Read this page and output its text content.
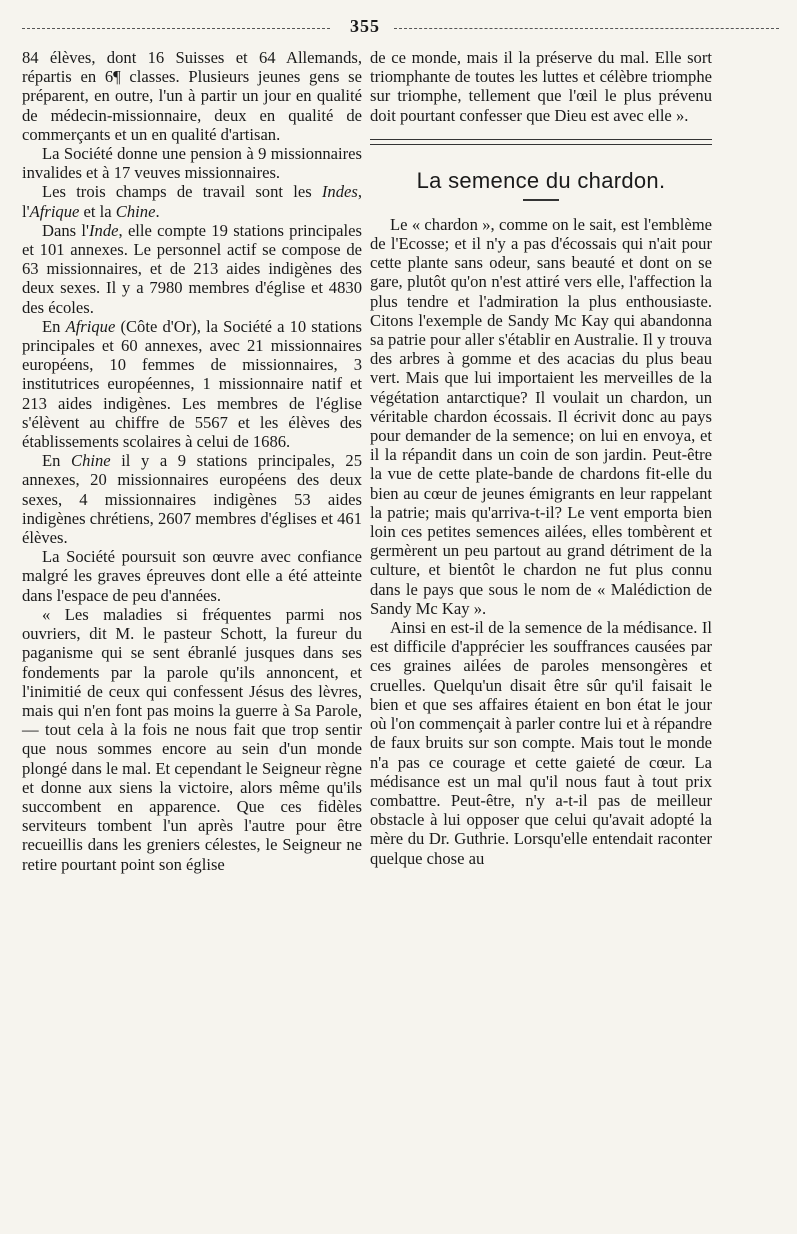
355

84 élèves, dont 16 Suisses et 64 Allemands, répartis en 6¶ classes. Plusieurs jeunes gens se préparent, en outre, l'un à partir un jour en qualité de médecin-missionnaire, deux en qualité de commerçants et un en qualité d'artisan.

La Société donne une pension à 9 missionnaires invalides et à 17 veuves missionnaires.

Les trois champs de travail sont les Indes, l'Afrique et la Chine.

Dans l'Inde, elle compte 19 stations principales et 101 annexes. Le personnel actif se compose de 63 missionnaires, et de 213 aides indigènes des deux sexes. Il y a 7980 membres d'église et 4830 des écoles.

En Afrique (Côte d'Or), la Société a 10 stations principales et 60 annexes, avec 21 missionnaires européens, 10 femmes de missionnaires, 3 institutrices européennes, 1 missionnaire natif et 213 aides indigènes. Les membres de l'église s'élèvent au chiffre de 5567 et les élèves des établissements scolaires à celui de 1686.

En Chine il y a 9 stations principales, 25 annexes, 20 missionnaires européens des deux sexes, 4 missionnaires indigènes 53 aides indigènes chrétiens, 2607 membres d'églises et 461 élèves.

La Société poursuit son œuvre avec confiance malgré les graves épreuves dont elle a été atteinte dans l'espace de peu d'années.

« Les maladies si fréquentes parmi nos ouvriers, dit M. le pasteur Schott, la fureur du paganisme qui se sent ébranlé jusques dans ses fondements par la parole qu'ils annoncent, et l'inimitié de ceux qui confessent Jésus des lèvres, mais qui n'en font pas moins la guerre à Sa Parole, — tout cela à la fois ne nous fait que trop sentir que nous sommes encore au sein d'un monde plongé dans le mal. Et cependant le Seigneur règne et donne aux siens la victoire, alors même qu'ils succombent en apparence. Que ces fidèles serviteurs tombent l'un après l'autre pour être recueillis dans les greniers célestes, le Seigneur ne retire pourtant point son église

de ce monde, mais il la préserve du mal. Elle sort triomphante de toutes les luttes et célèbre triomphe sur triomphe, tellement que l'œil le plus prévenu doit pourtant confesser que Dieu est avec elle ».

La semence du chardon.

Le « chardon », comme on le sait, est l'emblème de l'Ecosse; et il n'y a pas d'écossais qui n'ait pour cette plante sans odeur, sans beauté et dont on se gare, plutôt qu'on n'est attiré vers elle, l'affection la plus tendre et l'admiration la plus enthousiaste. Citons l'exemple de Sandy Mc Kay qui abandonna sa patrie pour aller s'établir en Australie. Il y trouva des arbres à gomme et des acacias du plus beau vert. Mais que lui importaient les merveilles de la végétation antarctique? Il voulait un chardon, un véritable chardon écossais. Il écrivit donc au pays pour demander de la semence; on lui en envoya, et il la répandit dans un coin de son jardin. Peut-être la vue de cette plate-bande de chardons fit-elle du bien au cœur de jeunes émigrants en leur rappelant la patrie; mais qu'arriva-t-il? Le vent emporta bien loin ces petites semences ailées, elles tombèrent et germèrent un peu partout au grand détriment de la culture, et bientôt le chardon ne fut plus connu dans le pays que sous le nom de « Malédiction de Sandy Mc Kay ».

Ainsi en est-il de la semence de la médisance. Il est difficile d'apprécier les souffrances causées par ces graines ailées de paroles mensongères et cruelles. Quelqu'un disait être sûr qu'il faisait le bien et que ses affaires étaient en bon état le jour où l'on commençait à parler contre lui et à répandre de faux bruits sur son compte. Mais tout le monde n'a pas ce courage et cette gaieté de cœur. La médisance est un mal qu'il nous faut à tout prix combattre. Peut-être, n'y a-t-il pas de meilleur obstacle à lui opposer que celui qu'avait adopté la mère du Dr. Guthrie. Lorsqu'elle entendait raconter quelque chose au
